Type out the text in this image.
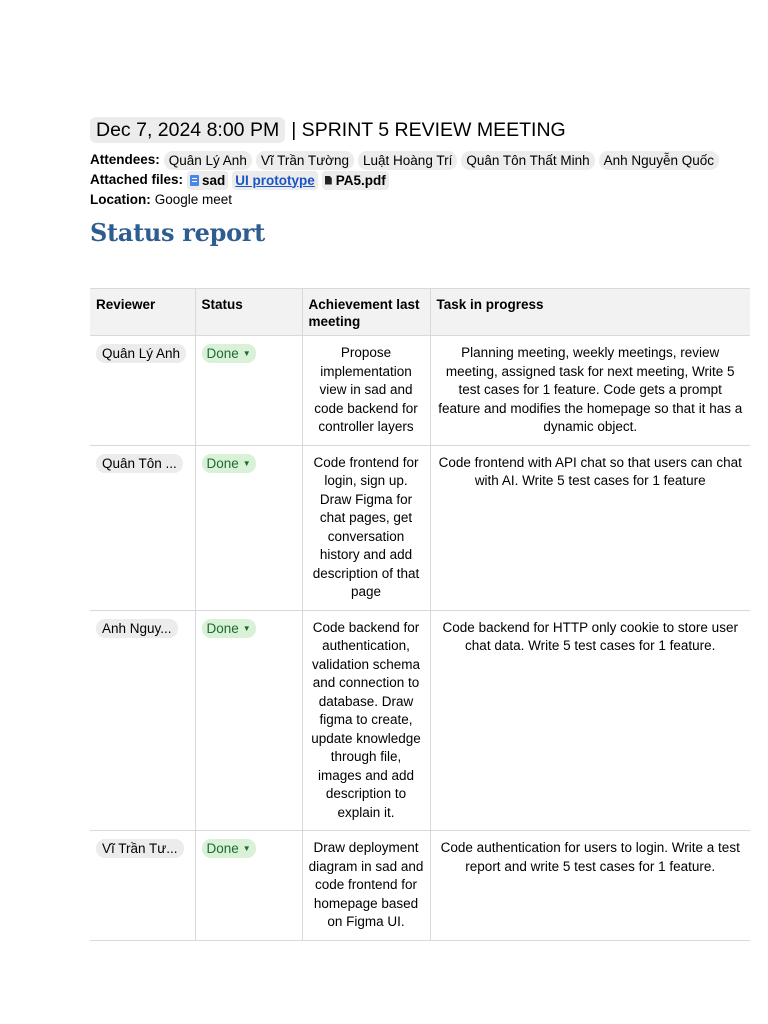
Dec 7, 2024 8:00 PM | SPRINT 5 REVIEW MEETING
Attendees: Quân Lý Anh	Vĩ Trần Tường	Luật Hoàng Trí	Quân Tôn Thất Minh	Anh Nguyễn Quốc
Attached files: sad UI prototype PA5.pdf
Location: Google meet
Status report
Reviewer	Status	Achievement last meeting	Task in progress
Quân Lý Anh	Done ▼	Propose implementation view in sad and code backend for controller layers	Planning meeting, weekly meetings, review meeting, assigned task for next meeting, Write 5 test cases for 1 feature. Code gets a prompt feature and modifies the homepage so that it has a dynamic object.
Quân Tôn ...	Done ▼	Code frontend for login, sign up. Draw Figma for chat pages, get conversation history and add description of that page	Code frontend with API chat so that users can chat with AI. Write 5 test cases for 1 feature
Anh Nguy...	Done ▼	Code backend for authentication, validation schema and connection to database. Draw figma to create, update knowledge through file, images and add description to explain it.	Code backend for HTTP only cookie to store user chat data. Write 5 test cases for 1 feature.
Vĩ Trần Tư...	Done ▼	Draw deployment diagram in sad and code frontend for homepage based on Figma UI.	Code authentication for users to login. Write a test report and write 5 test cases for 1 feature.
